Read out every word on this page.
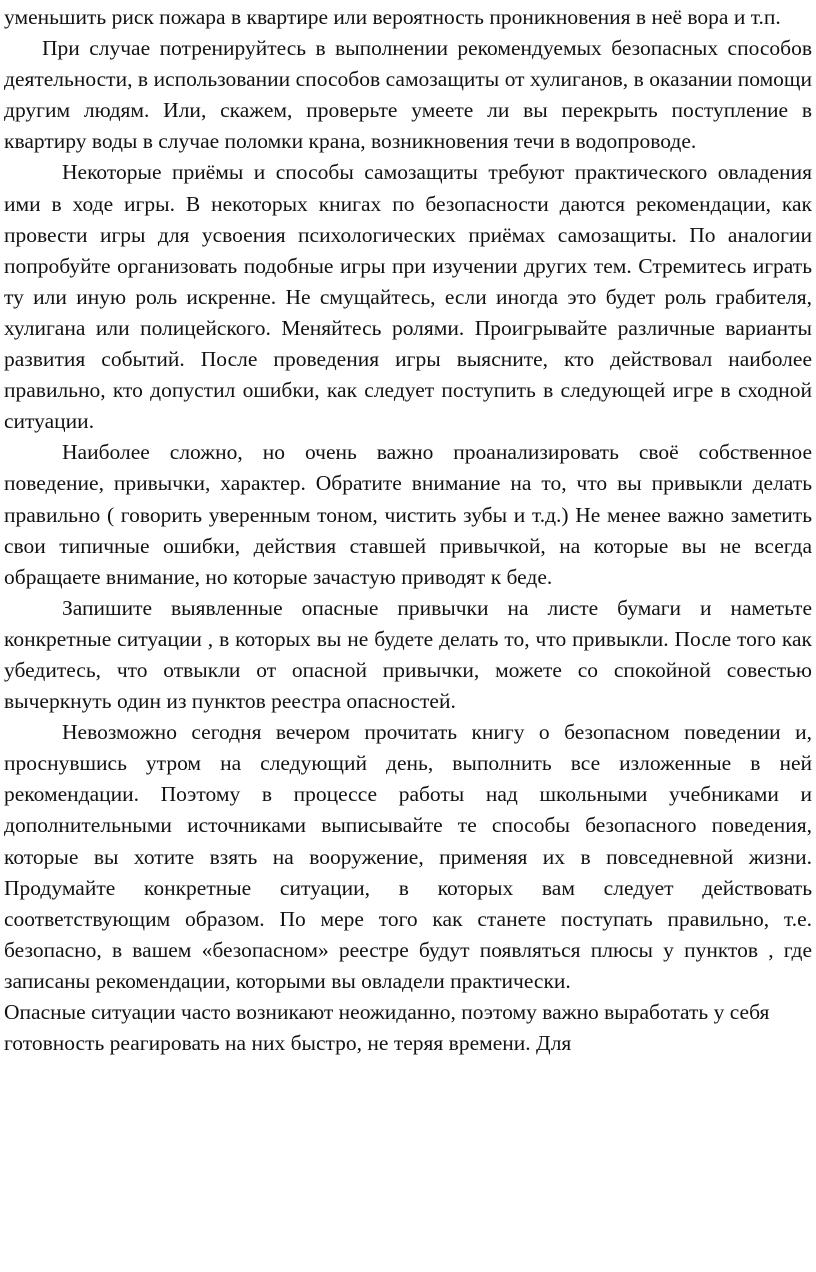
уменьшить риск пожара в квартире или вероятность проникновения в неё вора и т.п.

При случае потренируйтесь в выполнении рекомендуемых безопасных способов деятельности, в использовании способов самозащиты от хулиганов, в оказании помощи другим людям. Или, скажем, проверьте умеете ли вы перекрыть поступление в квартиру воды в случае поломки крана, возникновения течи в водопроводе.

Некоторые приёмы и способы самозащиты требуют практического овладения ими в ходе игры. В некоторых книгах по безопасности даются рекомендации, как провести игры для усвоения психологических приёмах самозащиты. По аналогии попробуйте организовать подобные игры при изучении других тем. Стремитесь играть ту или иную роль искренне. Не смущайтесь, если иногда это будет роль грабителя, хулигана или полицейского. Меняйтесь ролями. Проигрывайте различные варианты развития событий. После проведения игры выясните, кто действовал наиболее правильно, кто допустил ошибки, как следует поступить в следующей игре в сходной ситуации.

Наиболее сложно, но очень важно проанализировать своё собственное поведение, привычки, характер. Обратите внимание на то, что вы привыкли делать правильно ( говорить уверенным тоном, чистить зубы и т.д.) Не менее важно заметить свои типичные ошибки, действия ставшей привычкой, на которые вы не всегда обращаете внимание, но которые зачастую приводят к беде.

Запишите выявленные опасные привычки на листе бумаги и наметьте конкретные ситуации , в которых вы не будете делать то, что привыкли. После того как убедитесь, что отвыкли от опасной привычки, можете со спокойной совестью вычеркнуть один из пунктов реестра опасностей.

Невозможно сегодня вечером прочитать книгу о безопасном поведении и, проснувшись утром на следующий день, выполнить все изложенные в ней рекомендации. Поэтому в процессе работы над школьными учебниками и дополнительными источниками выписывайте те способы безопасного поведения, которые вы хотите взять на вооружение, применяя их в повседневной жизни. Продумайте конкретные ситуации, в которых вам следует действовать соответствующим образом. По мере того как станете поступать правильно, т.е. безопасно, в вашем «безопасном» реестре будут появляться плюсы у пунктов , где записаны рекомендации, которыми вы овладели практически.

Опасные ситуации часто возникают неожиданно, поэтому важно выработать у себя готовность реагировать на них быстро, не теряя времени. Для
